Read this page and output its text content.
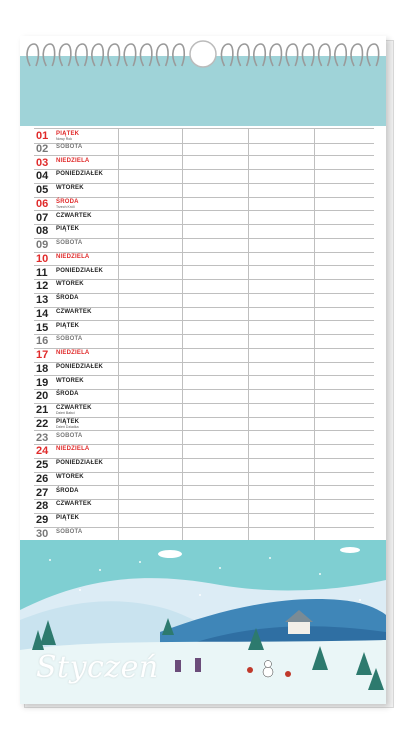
01 PIĄTEK
Nowy Rok
02 SOBOTA
03 NIEDZIELA
04 PONIEDZIAŁEK
05 WTOREK
06 ŚRODA
Trzech Króli
07 CZWARTEK
08 PIĄTEK
09 SOBOTA
10 NIEDZIELA
11 PONIEDZIAŁEK
12 WTOREK
13 ŚRODA
14 CZWARTEK
15 PIĄTEK
16 SOBOTA
17 NIEDZIELA
18 PONIEDZIAŁEK
19 WTOREK
20 ŚRODA
21 CZWARTEK
Dzień Babci
22 PIĄTEK
Dzień Dziadka
23 SOBOTA
24 NIEDZIELA
25 PONIEDZIAŁEK
26 WTOREK
27 ŚRODA
28 CZWARTEK
29 PIĄTEK
30 SOBOTA
Styczeń
